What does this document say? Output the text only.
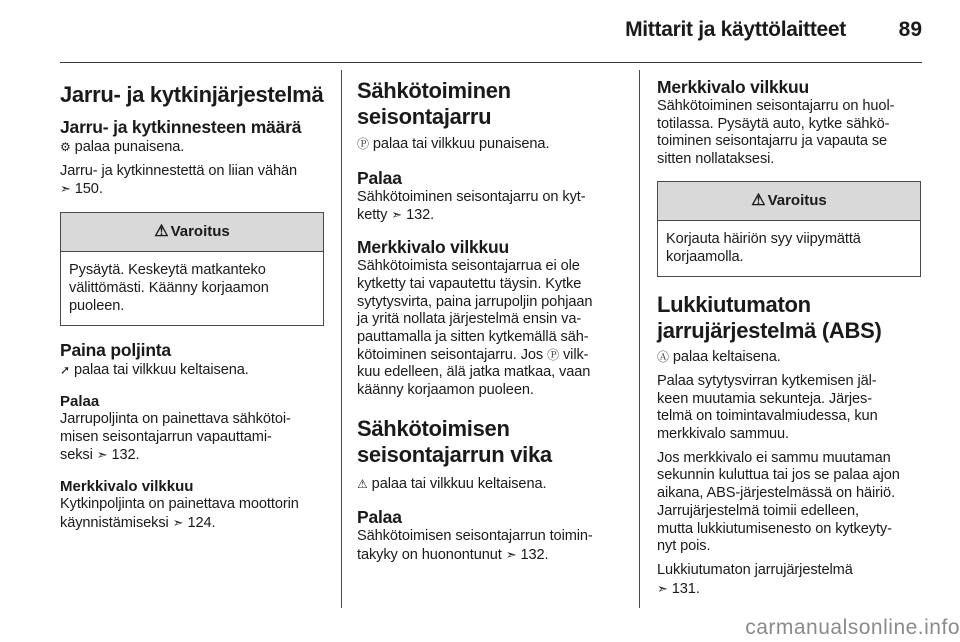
Mittarit ja käyttölaitteet	89
Jarru- ja kytkinjärjestelmä
Jarru- ja kytkinnesteen määrä
⚙ palaa punaisena.
Jarru- ja kytkinnestettä on liian vähän
➣ 150.
⚠ Varoitus
Pysäytä. Keskeytä matkanteko
välittömästi. Käänny korjaamon
puoleen.
Paina poljinta
➚ palaa tai vilkkuu keltaisena.
Palaa
Jarrupoljinta on painettava sähkötoi-
misen seisontajarrun vapauttami-
seksi ➣ 132.
Merkkivalo vilkkuu
Kytkinpoljinta on painettava moottorin
käynnistämiseksi ➣ 124.
Sähkötoiminen
seisontajarru
Ⓟ palaa tai vilkkuu punaisena.
Palaa
Sähkötoiminen seisontajarru on kyt-
ketty ➣ 132.
Merkkivalo vilkkuu
Sähkötoimista seisontajarrua ei ole
kytketty tai vapautettu täysin. Kytke
sytytysvirta, paina jarrupoljin pohjaan
ja yritä nollata järjestelmä ensin va-
pauttamalla ja sitten kytkemällä säh-
kötoiminen seisontajarru. Jos Ⓟ vilk-
kuu edelleen, älä jatka matkaa, vaan
käänny korjaamon puoleen.
Sähkötoimisen
seisontajarrun vika
⚠ palaa tai vilkkuu keltaisena.
Palaa
Sähkötoimisen seisontajarrun toimin-
takyky on huonontunut ➣ 132.
Merkkivalo vilkkuu
Sähkötoiminen seisontajarru on huol-
totilassa. Pysäytä auto, kytke sähkö-
toiminen seisontajarru ja vapauta se
sitten nollataksesi.
⚠ Varoitus
Korjauta häiriön syy viipymättä
korjaamolla.
Lukkiutumaton
jarrujärjestelmä (ABS)
Ⓐ palaa keltaisena.
Palaa sytytysvirran kytkemisen jäl-
keen muutamia sekunteja. Järjes-
telmä on toimintavalmiudessa, kun
merkkivalo sammuu.
Jos merkkivalo ei sammu muutaman
sekunnin kuluttua tai jos se palaa ajon
aikana, ABS-järjestelmässä on häiriö.
Jarrujärjestelmä toimii edelleen,
mutta lukkiutumisenesto on kytkeyty-
nyt pois.
Lukkiutumaton jarrujärjestelmä
➣ 131.
carmanualsonline.info
